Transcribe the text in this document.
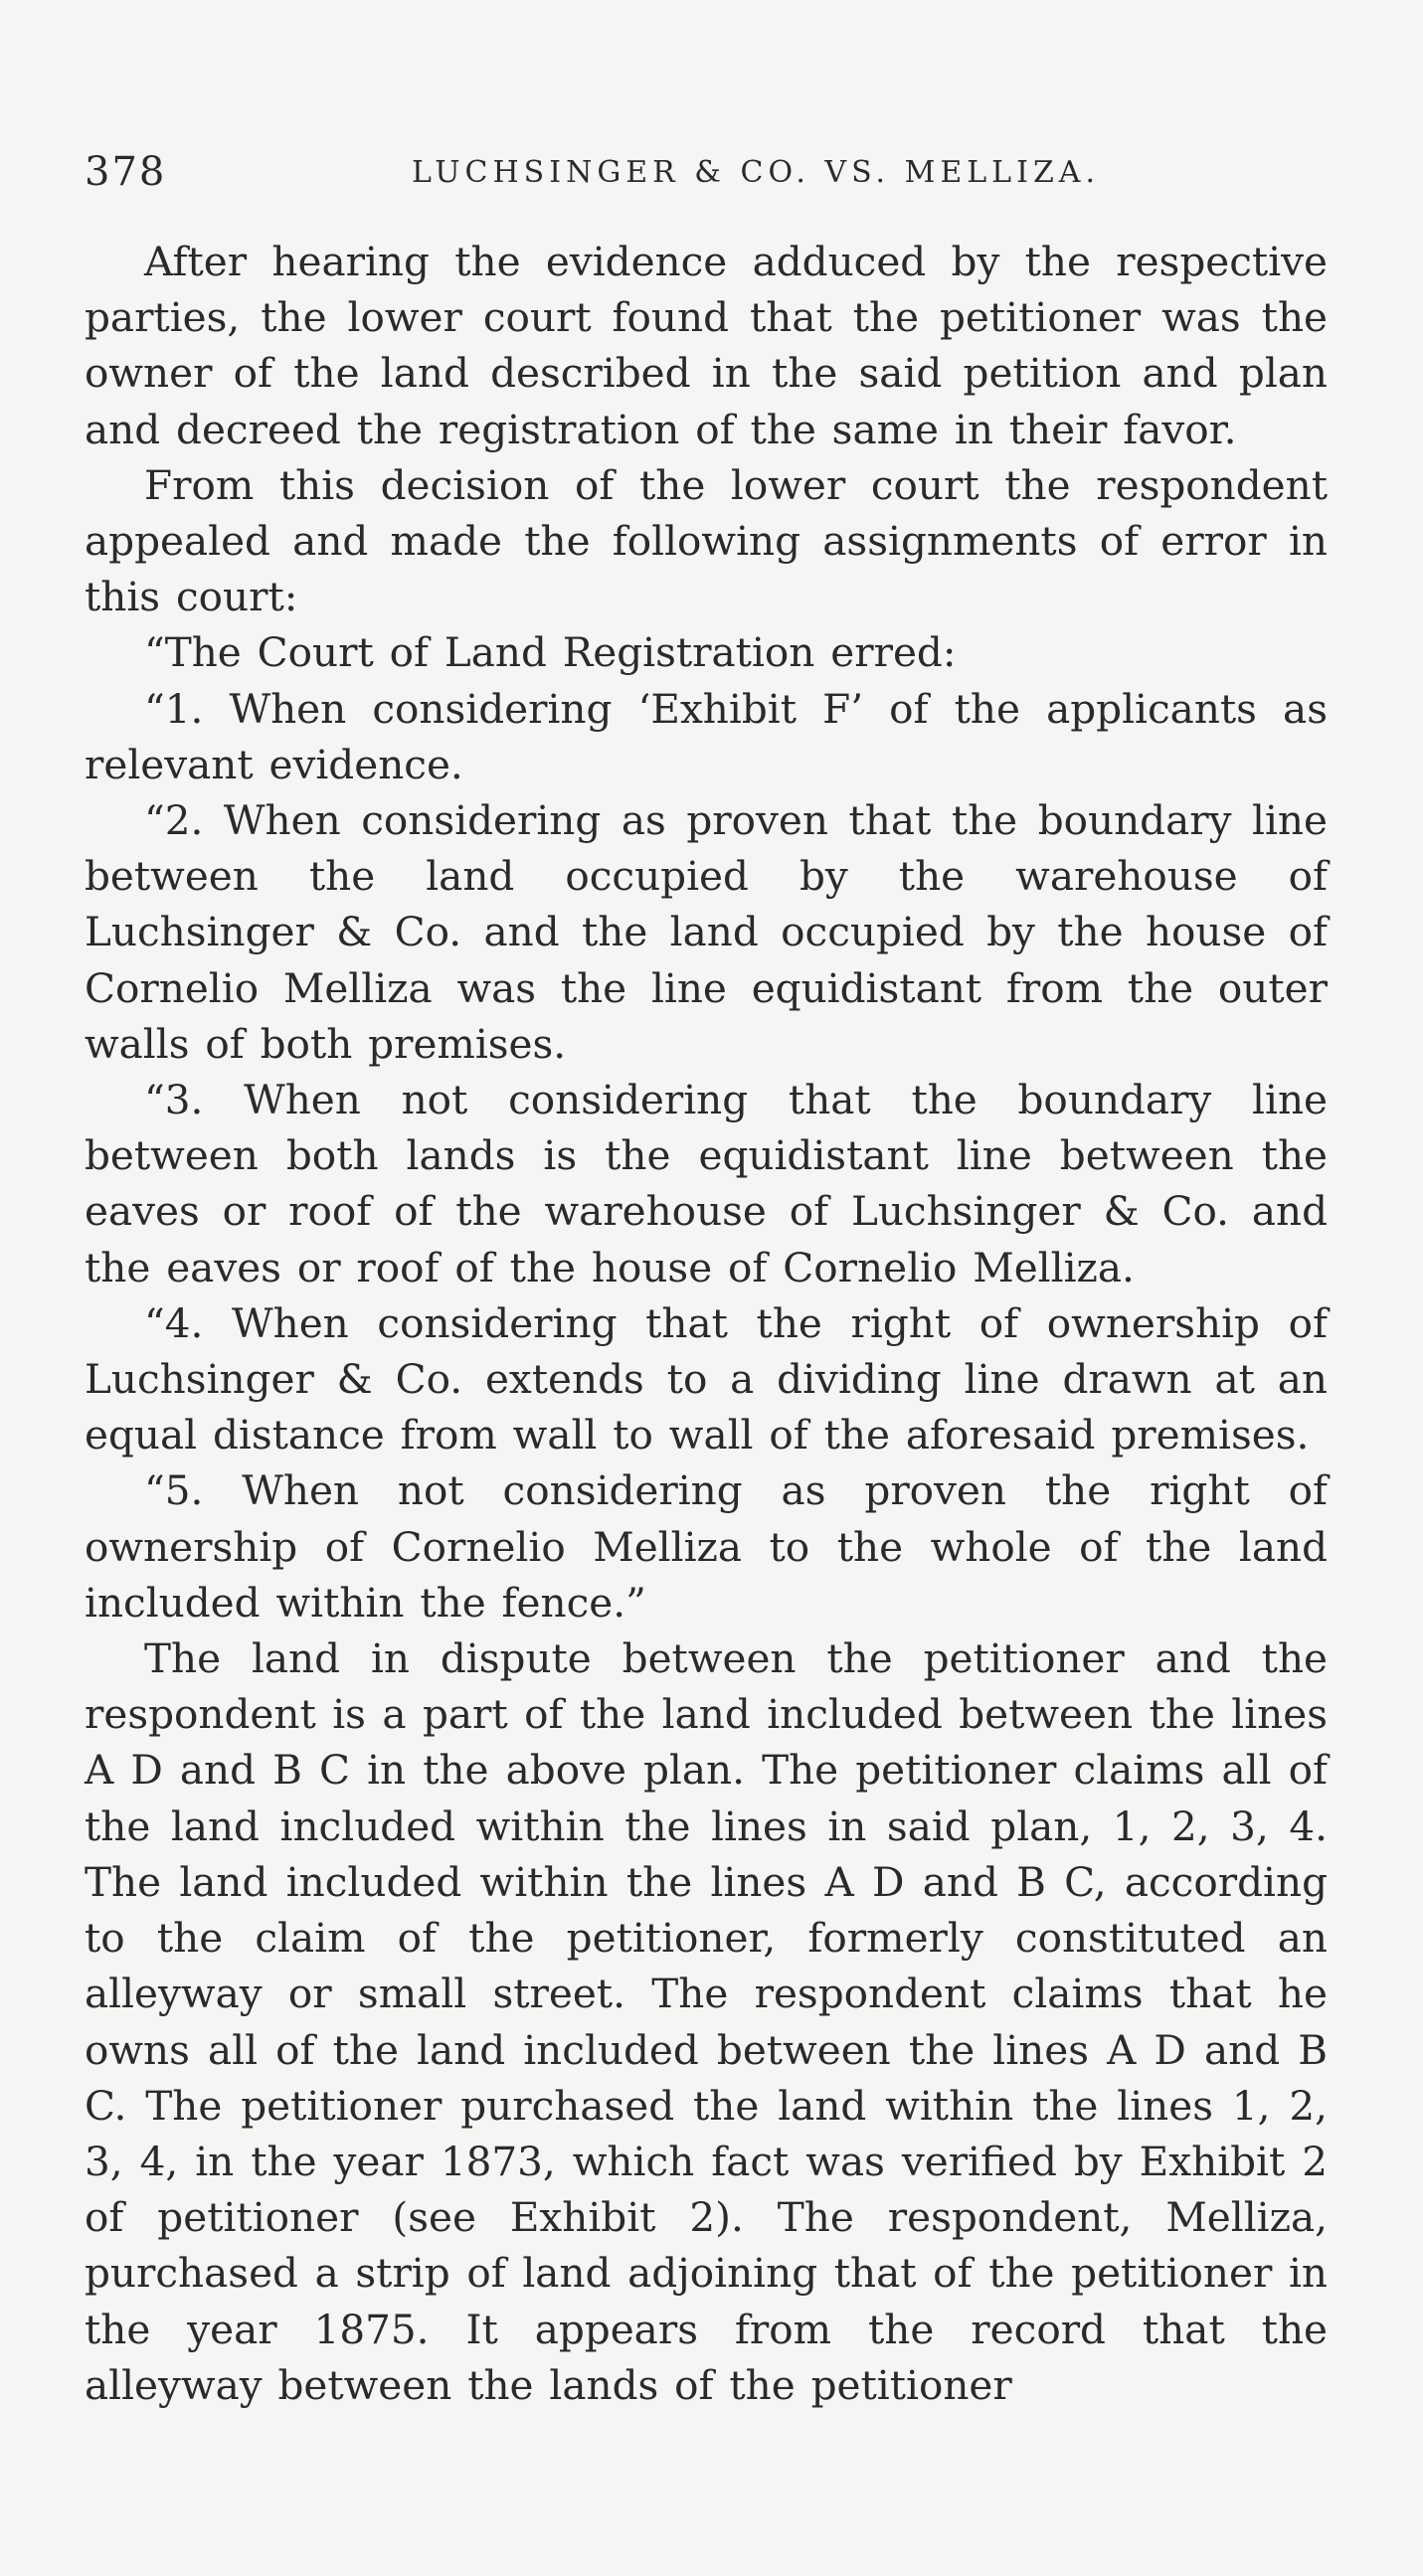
378	LUCHSINGER & CO. VS. MELLIZA.

After hearing the evidence adduced by the respective parties, the lower court found that the petitioner was the owner of the land described in the said petition and plan and decreed the registration of the same in their favor.

From this decision of the lower court the respondent appealed and made the following assignments of error in this court:

“The Court of Land Registration erred:

“1. When considering ‘Exhibit F’ of the applicants as relevant evidence.

“2. When considering as proven that the boundary line between the land occupied by the warehouse of Luchsinger & Co. and the land occupied by the house of Cornelio Melliza was the line equidistant from the outer walls of both premises.

“3. When not considering that the boundary line between both lands is the equidistant line between the eaves or roof of the warehouse of Luchsinger & Co. and the eaves or roof of the house of Cornelio Melliza.

“4. When considering that the right of ownership of Luchsinger & Co. extends to a dividing line drawn at an equal distance from wall to wall of the aforesaid premises.

“5. When not considering as proven the right of ownership of Cornelio Melliza to the whole of the land included within the fence.”

The land in dispute between the petitioner and the respondent is a part of the land included between the lines A D and B C in the above plan. The petitioner claims all of the land included within the lines in said plan, 1, 2, 3, 4. The land included within the lines A D and B C, according to the claim of the petitioner, formerly constituted an alleyway or small street. The respondent claims that he owns all of the land included between the lines A D and B C. The petitioner purchased the land within the lines 1, 2, 3, 4, in the year 1873, which fact was verified by Exhibit 2 of petitioner (see Exhibit 2). The respondent, Melliza, purchased a strip of land adjoining that of the petitioner in the year 1875. It appears from the record that the alleyway between the lands of the petitioner
